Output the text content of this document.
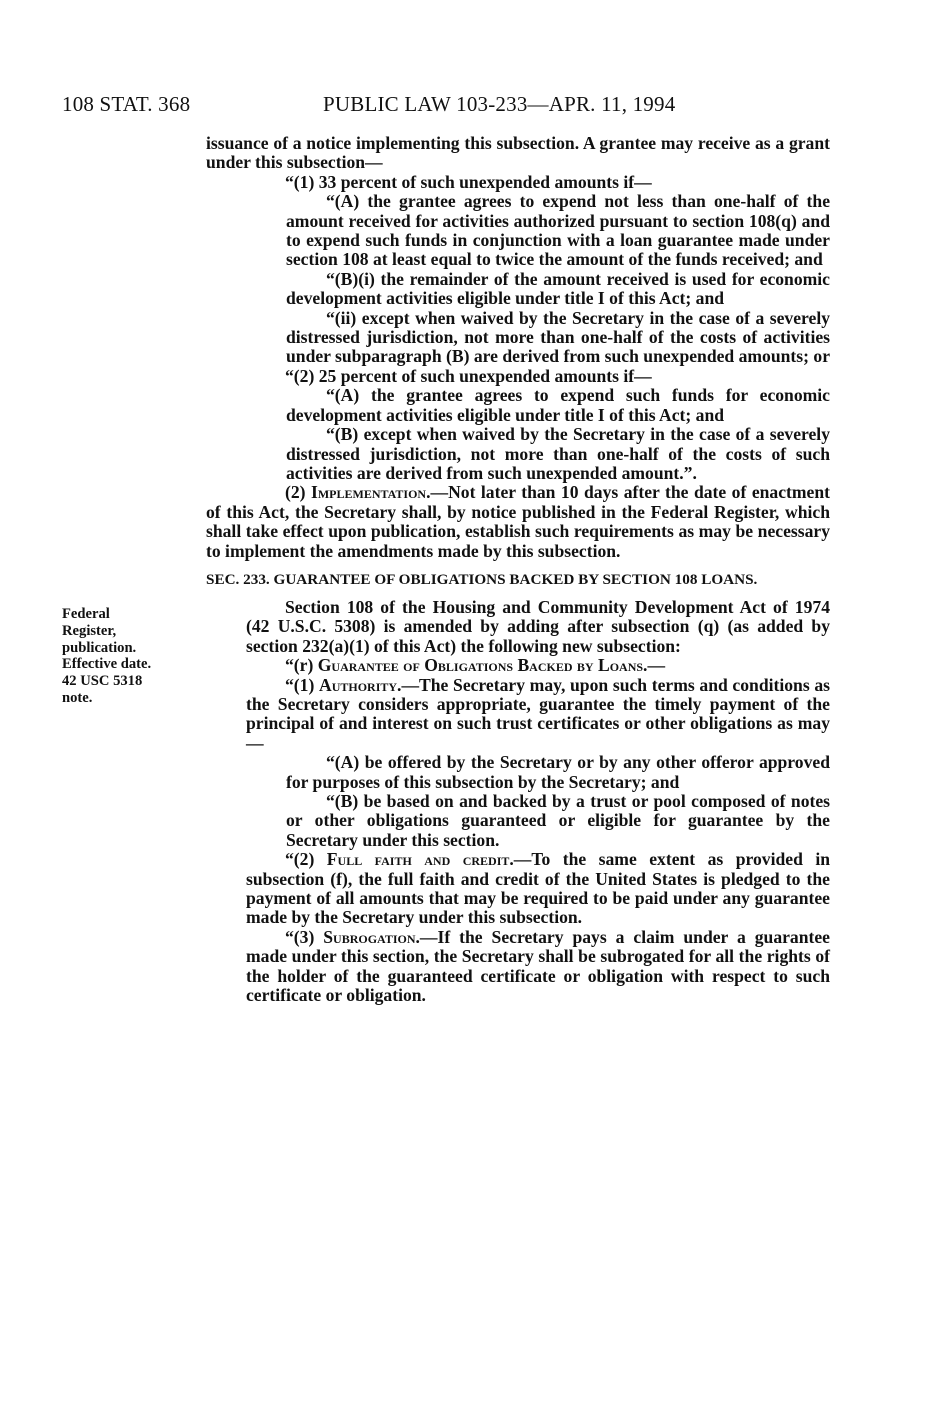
108 STAT. 368	PUBLIC LAW 103-233—APR. 11, 1994
Federal
Register,
publication.
Effective date.
42 USC 5318
note.
issuance of a notice implementing this subsection. A grantee may receive as a grant under this subsection—
“(1) 33 percent of such unexpended amounts if—
“(A) the grantee agrees to expend not less than one-half of the amount received for activities authorized pursuant to section 108(q) and to expend such funds in conjunction with a loan guarantee made under section 108 at least equal to twice the amount of the funds received; and
“(B)(i) the remainder of the amount received is used for economic development activities eligible under title I of this Act; and
“(ii) except when waived by the Secretary in the case of a severely distressed jurisdiction, not more than one-half of the costs of activities under subparagraph (B) are derived from such unexpended amounts; or
“(2) 25 percent of such unexpended amounts if—
“(A) the grantee agrees to expend such funds for economic development activities eligible under title I of this Act; and
“(B) except when waived by the Secretary in the case of a severely distressed jurisdiction, not more than one-half of the costs of such activities are derived from such unexpended amount.”.
(2) Implementation.—Not later than 10 days after the date of enactment of this Act, the Secretary shall, by notice published in the Federal Register, which shall take effect upon publication, establish such requirements as may be necessary to implement the amendments made by this subsection.
SEC. 233. GUARANTEE OF OBLIGATIONS BACKED BY SECTION 108 LOANS.
Section 108 of the Housing and Community Development Act of 1974 (42 U.S.C. 5308) is amended by adding after subsection (q) (as added by section 232(a)(1) of this Act) the following new subsection:
“(r) Guarantee of Obligations Backed by Loans.—
“(1) Authority.—The Secretary may, upon such terms and conditions as the Secretary considers appropriate, guarantee the timely payment of the principal of and interest on such trust certificates or other obligations as may—
“(A) be offered by the Secretary or by any other offeror approved for purposes of this subsection by the Secretary; and
“(B) be based on and backed by a trust or pool composed of notes or other obligations guaranteed or eligible for guarantee by the Secretary under this section.
“(2) Full faith and credit.—To the same extent as provided in subsection (f), the full faith and credit of the United States is pledged to the payment of all amounts that may be required to be paid under any guarantee made by the Secretary under this subsection.
“(3) Subrogation.—If the Secretary pays a claim under a guarantee made under this section, the Secretary shall be subrogated for all the rights of the holder of the guaranteed certificate or obligation with respect to such certificate or obligation.
